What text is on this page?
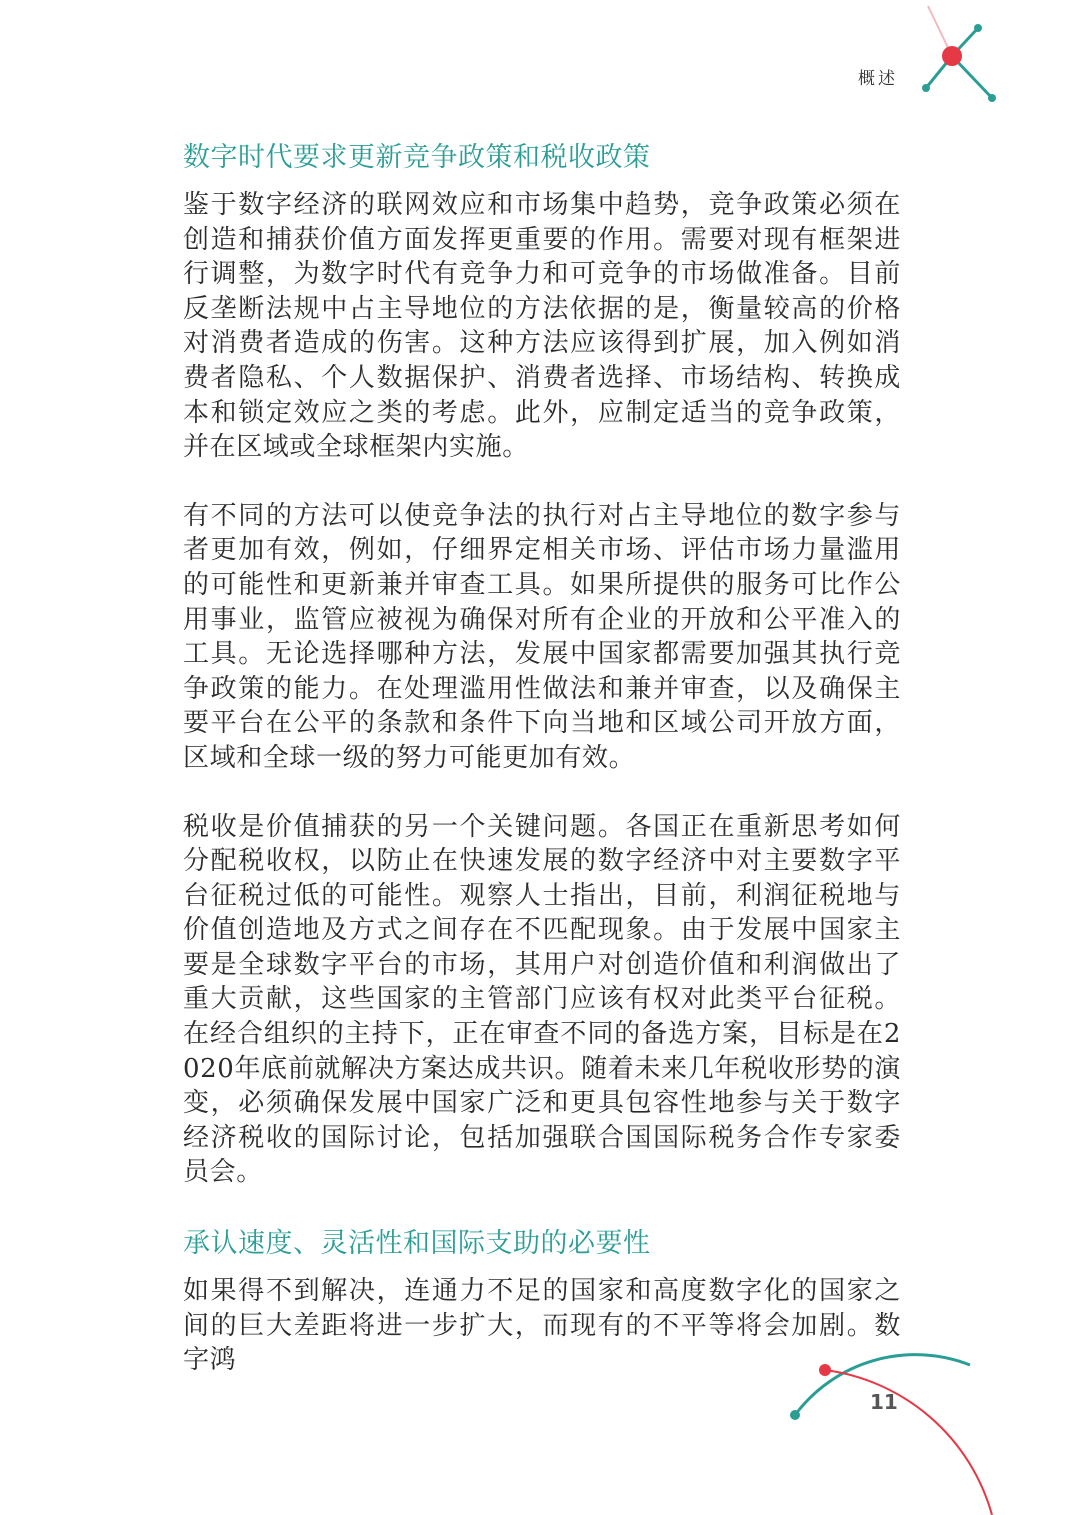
概述
数字时代要求更新竞争政策和税收政策

鉴于数字经济的联网效应和市场集中趋势，竞争政策必须在创造和捕获价值方面发挥更重要的作用。需要对现有框架进行调整，为数字时代有竞争力和可竞争的市场做准备。目前反垄断法规中占主导地位的方法依据的是，衡量较高的价格对消费者造成的伤害。这种方法应该得到扩展，加入例如消费者隐私、个人数据保护、消费者选择、市场结构、转换成本和锁定效应之类的考虑。此外，应制定适当的竞争政策，并在区域或全球框架内实施。

有不同的方法可以使竞争法的执行对占主导地位的数字参与者更加有效，例如，仔细界定相关市场、评估市场力量滥用的可能性和更新兼并审查工具。如果所提供的服务可比作公用事业，监管应被视为确保对所有企业的开放和公平准入的工具。无论选择哪种方法，发展中国家都需要加强其执行竞争政策的能力。在处理滥用性做法和兼并审查，以及确保主要平台在公平的条款和条件下向当地和区域公司开放方面，区域和全球一级的努力可能更加有效。

税收是价值捕获的另一个关键问题。各国正在重新思考如何分配税收权，以防止在快速发展的数字经济中对主要数字平台征税过低的可能性。观察人士指出，目前，利润征税地与价值创造地及方式之间存在不匹配现象。由于发展中国家主要是全球数字平台的市场，其用户对创造价值和利润做出了重大贡献，这些国家的主管部门应该有权对此类平台征税。在经合组织的主持下，正在审查不同的备选方案，目标是在2020年底前就解决方案达成共识。随着未来几年税收形势的演变，必须确保发展中国家广泛和更具包容性地参与关于数字经济税收的国际讨论，包括加强联合国国际税务合作专家委员会。

承认速度、灵活性和国际支助的必要性

如果得不到解决，连通力不足的国家和高度数字化的国家之间的巨大差距将进一步扩大，而现有的不平等将会加剧。数字鸿

11
